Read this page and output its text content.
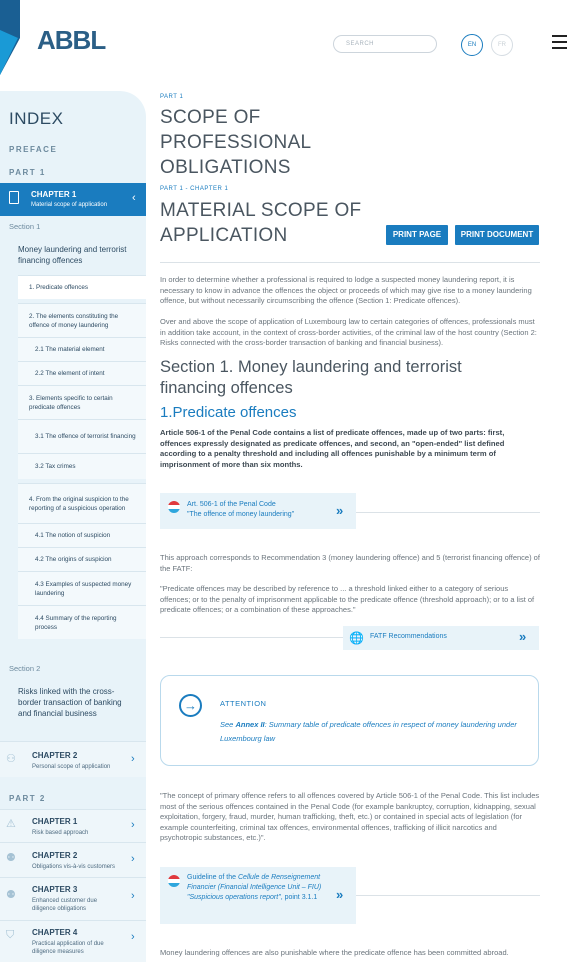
ABBL	SEARCH	EN	FR
INDEX
PREFACE
PART 1
CHAPTER 1
Material scope of application
‹
Section 1
Money laundering and terrorist financing offences
1. Predicate offences
2. The elements constituting the offence of money laundering
2.1 The material element
2.2 The element of intent
3. Elements specific to certain predicate offences
3.1 The offence of terrorist financing
3.2 Tax crimes
4. From the original suspicion to the reporting of a suspicious operation
4.1 The notion of suspicion
4.2 The origins of suspicion
4.3 Examples of suspected money laundering
4.4 Summary of the reporting process
Section 2
Risks linked with the cross-border transaction of banking and financial business
⚇ CHAPTER 2
Personal scope of application
›
PART 2
⚠ CHAPTER 1
Risk based approach
›
⚉ CHAPTER 2
Obligations vis-à-vis customers
›
⚉ CHAPTER 3
Enhanced customer due diligence obligations
›
⛉ CHAPTER 4
Practical application of due diligence measures
›
PART 1
SCOPE OF PROFESSIONAL OBLIGATIONS
PART 1 - CHAPTER 1
MATERIAL SCOPE OF APPLICATION	PRINT PAGE	PRINT DOCUMENT
In order to determine whether a professional is required to lodge a suspected money laundering report, it is necessary to know in advance the offences the object or proceeds of which may give rise to a money laundering offence, but without necessarily circumscribing the offence (Section 1: Predicate offences).
Over and above the scope of application of Luxembourg law to certain categories of offences, professionals must in addition take account, in the context of cross-border activities, of the criminal law of the host country (Section 2: Risks connected with the cross-border transaction of banking and financial business).
Section 1. Money laundering and terrorist financing offences
1.Predicate offences
Article 506-1 of the Penal Code contains a list of predicate offences, made up of two parts: first, offences expressly designated as predicate offences, and second, an "open-ended" list defined according to a penalty threshold and including all offences punishable by a minimum term of imprisonment of more than six months.
Art. 506-1 of the Penal Code
"The offence of money laundering"	»
This approach corresponds to Recommendation 3 (money laundering offence) and 5 (terrorist financing offence) of the FATF:
"Predicate offences may be described by reference to ... a threshold linked either to a category of serious offences; or to the penalty of imprisonment applicable to the predicate offence (threshold approach); or to a list of predicate offences; or a combination of these approaches."
🌐 FATF Recommendations	»
→	ATTENTION
See Annex II: Summary table of predicate offences in respect of money laundering under Luxembourg law
"The concept of primary offence refers to all offences covered by Article 506-1 of the Penal Code. This list includes most of the serious offences contained in the Penal Code (for example bankruptcy, corruption, kidnapping, sexual exploitation, forgery, fraud, murder, human trafficking, theft, etc.) or contained in special acts of legislation (for example counterfeiting, criminal tax offences, environmental offences, trafficking of illicit narcotics and psychotropic substances, etc.)".
Guideline of the Cellule de Renseignement Financier (Financial Intelligence Unit – FIU) "Suspicious operations report", point 3.1.1	»
Money laundering offences are also punishable where the predicate offence has been committed abroad.
